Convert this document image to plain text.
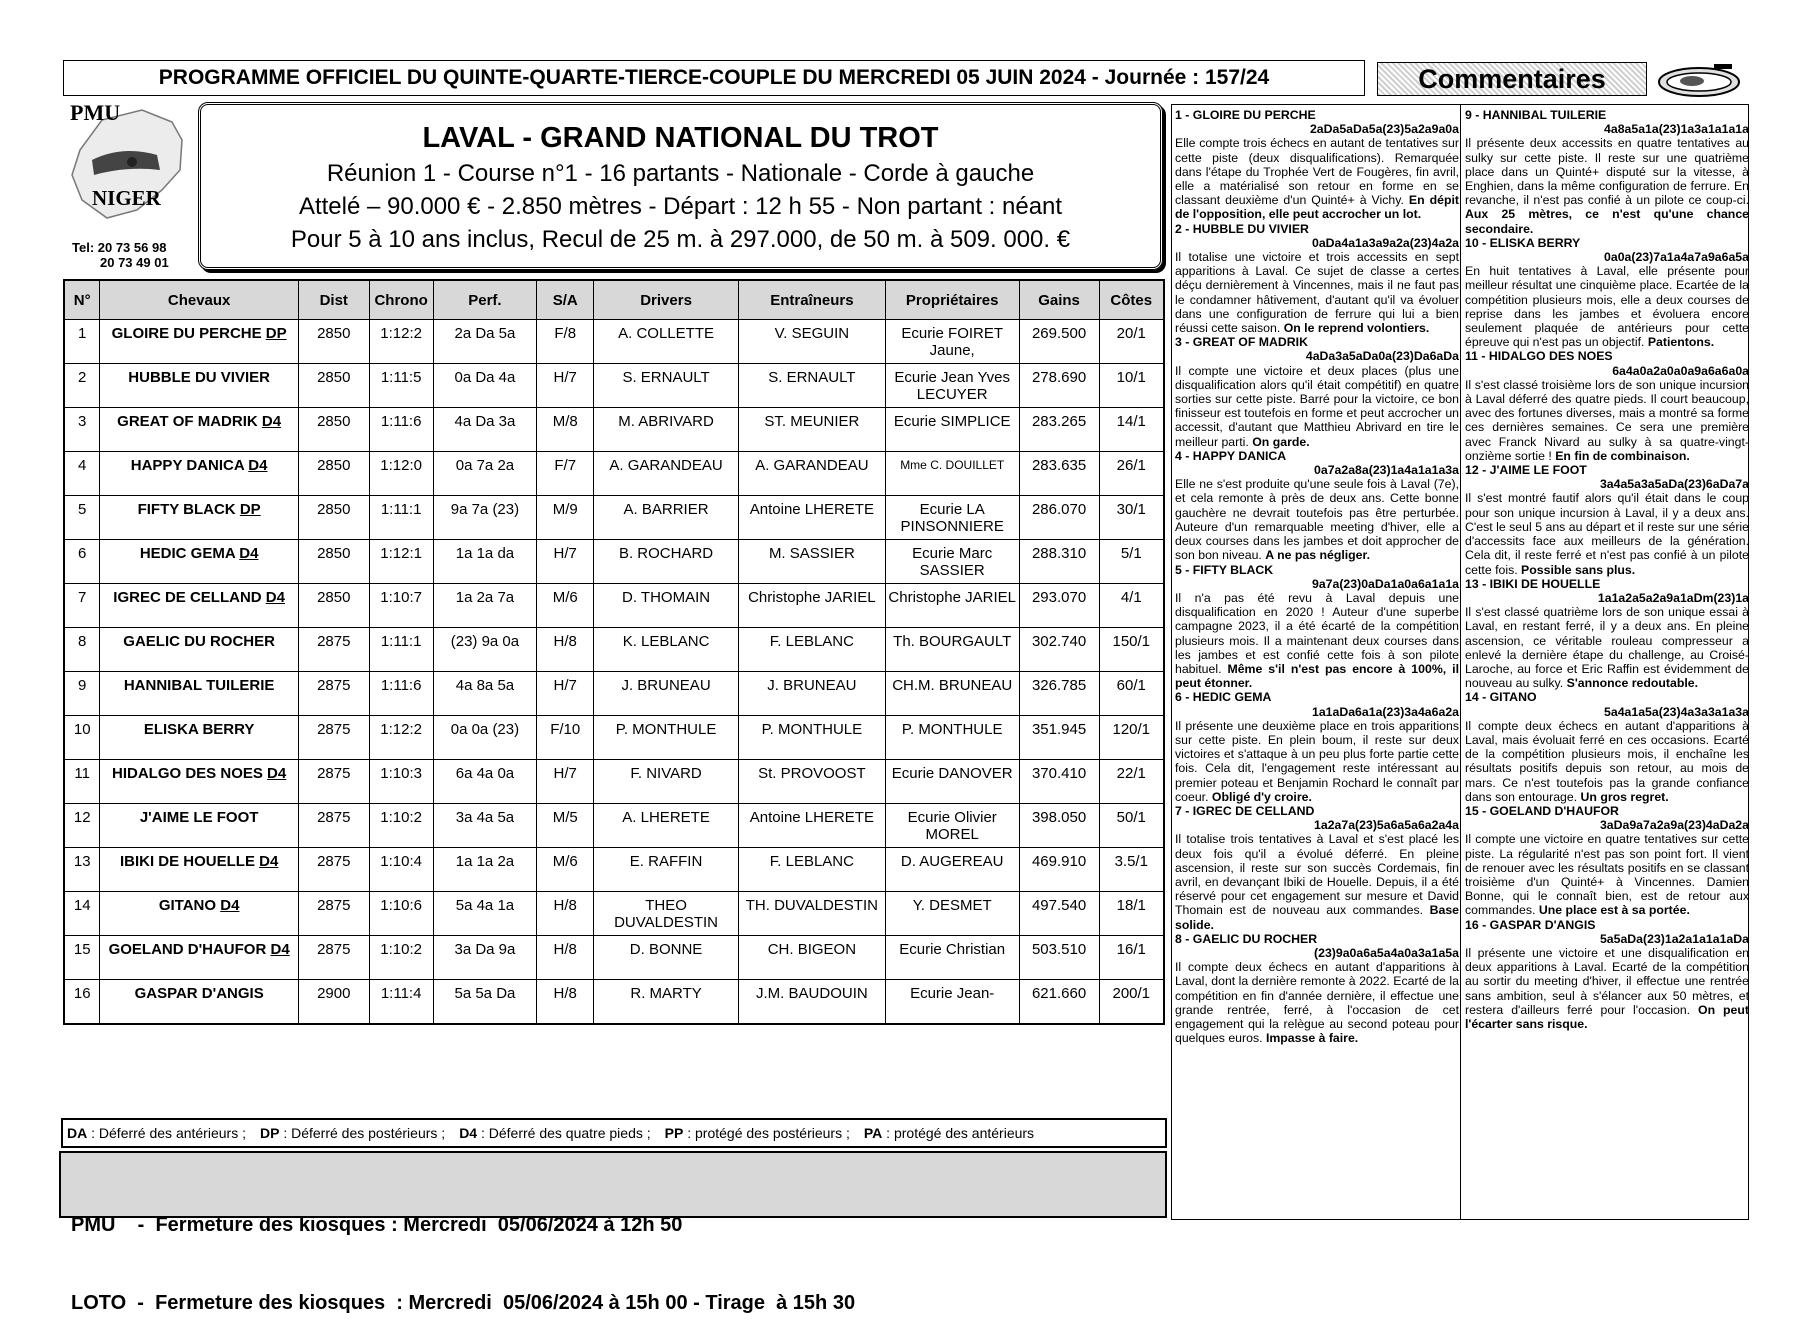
PROGRAMME OFFICIEL DU QUINTE-QUARTE-TIERCE-COUPLE DU MERCREDI 05 JUIN 2024 - Journée : 157/24	Commentaires
PMU
NIGER
Tel: 20 73 56 98
20 73 49 01
LAVAL - GRAND NATIONAL DU TROT
Réunion 1 - Course n°1 - 16 partants - Nationale - Corde à gauche
Attelé – 90.000 € - 2.850 mètres - Départ : 12 h 55 - Non partant : néant
Pour 5 à 10 ans inclus, Recul de 25 m. à 297.000, de 50 m. à 509. 000. €
N°	Chevaux	Dist	Chrono	Perf.	S/A	Drivers	Entraîneurs	Propriétaires	Gains	Côtes
1	GLOIRE DU PERCHE DP	2850	1:12:2	2a Da 5a	F/8	A. COLLETTE	V. SEGUIN	Ecurie FOIRET Jaune,	269.500	20/1
2	HUBBLE DU VIVIER	2850	1:11:5	0a Da 4a	H/7	S. ERNAULT	S. ERNAULT	Ecurie Jean Yves LECUYER	278.690	10/1
3	GREAT OF MADRIK D4	2850	1:11:6	4a Da 3a	M/8	M. ABRIVARD	ST. MEUNIER	Ecurie SIMPLICE	283.265	14/1
4	HAPPY DANICA D4	2850	1:12:0	0a 7a 2a	F/7	A. GARANDEAU	A. GARANDEAU	Mme C. DOUILLET	283.635	26/1
5	FIFTY BLACK DP	2850	1:11:1	9a 7a (23)	M/9	A. BARRIER	Antoine LHERETE	Ecurie LA PINSONNIERE	286.070	30/1
6	HEDIC GEMA D4	2850	1:12:1	1a 1a da	H/7	B. ROCHARD	M. SASSIER	Ecurie Marc SASSIER	288.310	5/1
7	IGREC DE CELLAND D4	2850	1:10:7	1a 2a 7a	M/6	D. THOMAIN	Christophe JARIEL	Christophe JARIEL	293.070	4/1
8	GAELIC DU ROCHER	2875	1:11:1	(23) 9a 0a	H/8	K. LEBLANC	F. LEBLANC	Th. BOURGAULT	302.740	150/1
9	HANNIBAL TUILERIE	2875	1:11:6	4a 8a 5a	H/7	J. BRUNEAU	J. BRUNEAU	CH.M. BRUNEAU	326.785	60/1
10	ELISKA BERRY	2875	1:12:2	0a 0a (23)	F/10	P. MONTHULE	P. MONTHULE	P. MONTHULE	351.945	120/1
11	HIDALGO DES NOES D4	2875	1:10:3	6a 4a 0a	H/7	F. NIVARD	St. PROVOOST	Ecurie DANOVER	370.410	22/1
12	J'AIME LE FOOT	2875	1:10:2	3a 4a 5a	M/5	A. LHERETE	Antoine LHERETE	Ecurie Olivier MOREL	398.050	50/1
13	IBIKI DE HOUELLE D4	2875	1:10:4	1a 1a 2a	M/6	E. RAFFIN	F. LEBLANC	D. AUGEREAU	469.910	3.5/1
14	GITANO D4	2875	1:10:6	5a 4a 1a	H/8	THEO DUVALDESTIN	TH. DUVALDESTIN	Y. DESMET	497.540	18/1
15	GOELAND D'HAUFOR D4	2875	1:10:2	3a Da 9a	H/8	D. BONNE	CH. BIGEON	Ecurie Christian	503.510	16/1
16	GASPAR D'ANGIS	2900	1:11:4	5a 5a Da	H/8	R. MARTY	J.M. BAUDOUIN	Ecurie Jean-	621.660	200/1
DA : Déferré des antérieurs ; DP : Déferré des postérieurs ; D4 : Déferré des quatre pieds ; PP : protégé des postérieurs ; PA : protégé des antérieurs

PMU    -  Fermeture des kiosques : Mercredi  05/06/2024 à 12h 50

LOTO  -  Fermeture des kiosques  : Mercredi  05/06/2024 à 15h 00 - Tirage  à 15h 30

1 - GLOIRE DU PERCHE
2aDa5aDa5a(23)5a2a9a0a
Elle compte trois échecs en autant de tentatives sur cette piste (deux disqualifications). Remarquée dans l'étape du Trophée Vert de Fougères, fin avril, elle a matérialisé son retour en forme en se classant deuxième d'un Quinté+ à Vichy. En dépit de l'opposition, elle peut accrocher un lot.
2 - HUBBLE DU VIVIER
0aDa4a1a3a9a2a(23)4a2a
Il totalise une victoire et trois accessits en sept apparitions à Laval. Ce sujet de classe a certes déçu dernièrement à Vincennes, mais il ne faut pas le condamner hâtivement, d'autant qu'il va évoluer dans une configuration de ferrure qui lui a bien réussi cette saison. On le reprend volontiers.
3 - GREAT OF MADRIK
4aDa3a5aDa0a(23)Da6aDa
Il compte une victoire et deux places (plus une disqualification alors qu'il était compétitif) en quatre sorties sur cette piste. Barré pour la victoire, ce bon finisseur est toutefois en forme et peut accrocher un accessit, d'autant que Matthieu Abrivard en tire le meilleur parti. On garde.
4 - HAPPY DANICA
0a7a2a8a(23)1a4a1a1a3a
Elle ne s'est produite qu'une seule fois à Laval (7e), et cela remonte à près de deux ans. Cette bonne gauchère ne devrait toutefois pas être perturbée. Auteure d'un remarquable meeting d'hiver, elle a deux courses dans les jambes et doit approcher de son bon niveau. A ne pas négliger.
5 - FIFTY BLACK
9a7a(23)0aDa1a0a6a1a1a
Il n'a pas été revu à Laval depuis une disqualification en 2020 ! Auteur d'une superbe campagne 2023, il a été écarté de la compétition plusieurs mois. Il a maintenant deux courses dans les jambes et est confié cette fois à son pilote habituel. Même s'il n'est pas encore à 100%, il peut étonner.
6 - HEDIC GEMA
1a1aDa6a1a(23)3a4a6a2a
Il présente une deuxième place en trois apparitions sur cette piste. En plein boum, il reste sur deux victoires et s'attaque à un peu plus forte partie cette fois. Cela dit, l'engagement reste intéressant au premier poteau et Benjamin Rochard le connaît par coeur. Obligé d'y croire.
7 - IGREC DE CELLAND
1a2a7a(23)5a6a5a6a2a4a
Il totalise trois tentatives à Laval et s'est placé les deux fois qu'il a évolué déferré. En pleine ascension, il reste sur son succès Cordemais, fin avril, en devançant Ibiki de Houelle. Depuis, il a été réservé pour cet engagement sur mesure et David Thomain est de nouveau aux commandes. Base solide.
8 - GAELIC DU ROCHER
(23)9a0a6a5a4a0a3a1a5a
Il compte deux échecs en autant d'apparitions à Laval, dont la dernière remonte à 2022. Ecarté de la compétition en fin d'année dernière, il effectue une grande rentrée, ferré, à l'occasion de cet engagement qui la relègue au second poteau pour quelques euros. Impasse à faire.
9 - HANNIBAL TUILERIE
4a8a5a1a(23)1a3a1a1a1a
Il présente deux accessits en quatre tentatives au sulky sur cette piste. Il reste sur une quatrième place dans un Quinté+ disputé sur la vitesse, à Enghien, dans la même configuration de ferrure. En revanche, il n'est pas confié à un pilote ce coup-ci. Aux 25 mètres, ce n'est qu'une chance secondaire.
10 - ELISKA BERRY
0a0a(23)7a1a4a7a9a6a5a
En huit tentatives à Laval, elle présente pour meilleur résultat une cinquième place. Ecartée de la compétition plusieurs mois, elle a deux courses de reprise dans les jambes et évoluera encore seulement plaquée de antérieurs pour cette épreuve qui n'est pas un objectif. Patientons.
11 - HIDALGO DES NOES
6a4a0a2a0a0a9a6a6a0a
Il s'est classé troisième lors de son unique incursion à Laval déferré des quatre pieds. Il court beaucoup, avec des fortunes diverses, mais a montré sa forme ces dernières semaines. Ce sera une première avec Franck Nivard au sulky à sa quatre-vingt-onzième sortie ! En fin de combinaison.
12 - J'AIME LE FOOT
3a4a5a3a5aDa(23)6aDa7a
Il s'est montré fautif alors qu'il était dans le coup pour son unique incursion à Laval, il y a deux ans. C'est le seul 5 ans au départ et il reste sur une série d'accessits face aux meilleurs de la génération. Cela dit, il reste ferré et n'est pas confié à un pilote cette fois. Possible sans plus.
13 - IBIKI DE HOUELLE
1a1a2a5a2a9a1aDm(23)1a
Il s'est classé quatrième lors de son unique essai à Laval, en restant ferré, il y a deux ans. En pleine ascension, ce véritable rouleau compresseur a enlevé la dernière étape du challenge, au Croisé-Laroche, au force et Eric Raffin est évidemment de nouveau au sulky. S'annonce redoutable.
14 - GITANO
5a4a1a5a(23)4a3a3a1a3a
Il compte deux échecs en autant d'apparitions à Laval, mais évoluait ferré en ces occasions. Ecarté de la compétition plusieurs mois, il enchaîne les résultats positifs depuis son retour, au mois de mars. Ce n'est toutefois pas la grande confiance dans son entourage. Un gros regret.
15 - GOELAND D'HAUFOR
3aDa9a7a2a9a(23)4aDa2a
Il compte une victoire en quatre tentatives sur cette piste. La régularité n'est pas son point fort. Il vient de renouer avec les résultats positifs en se classant troisième d'un Quinté+ à Vincennes. Damien Bonne, qui le connaît bien, est de retour aux commandes. Une place est à sa portée.
16 - GASPAR D'ANGIS
5a5aDa(23)1a2a1a1a1aDa
Il présente une victoire et une disqualification en deux apparitions à Laval. Ecarté de la compétition au sortir du meeting d'hiver, il effectue une rentrée sans ambition, seul à s'élancer aux 50 mètres, et restera d'ailleurs ferré pour l'occasion. On peut l'écarter sans risque.
